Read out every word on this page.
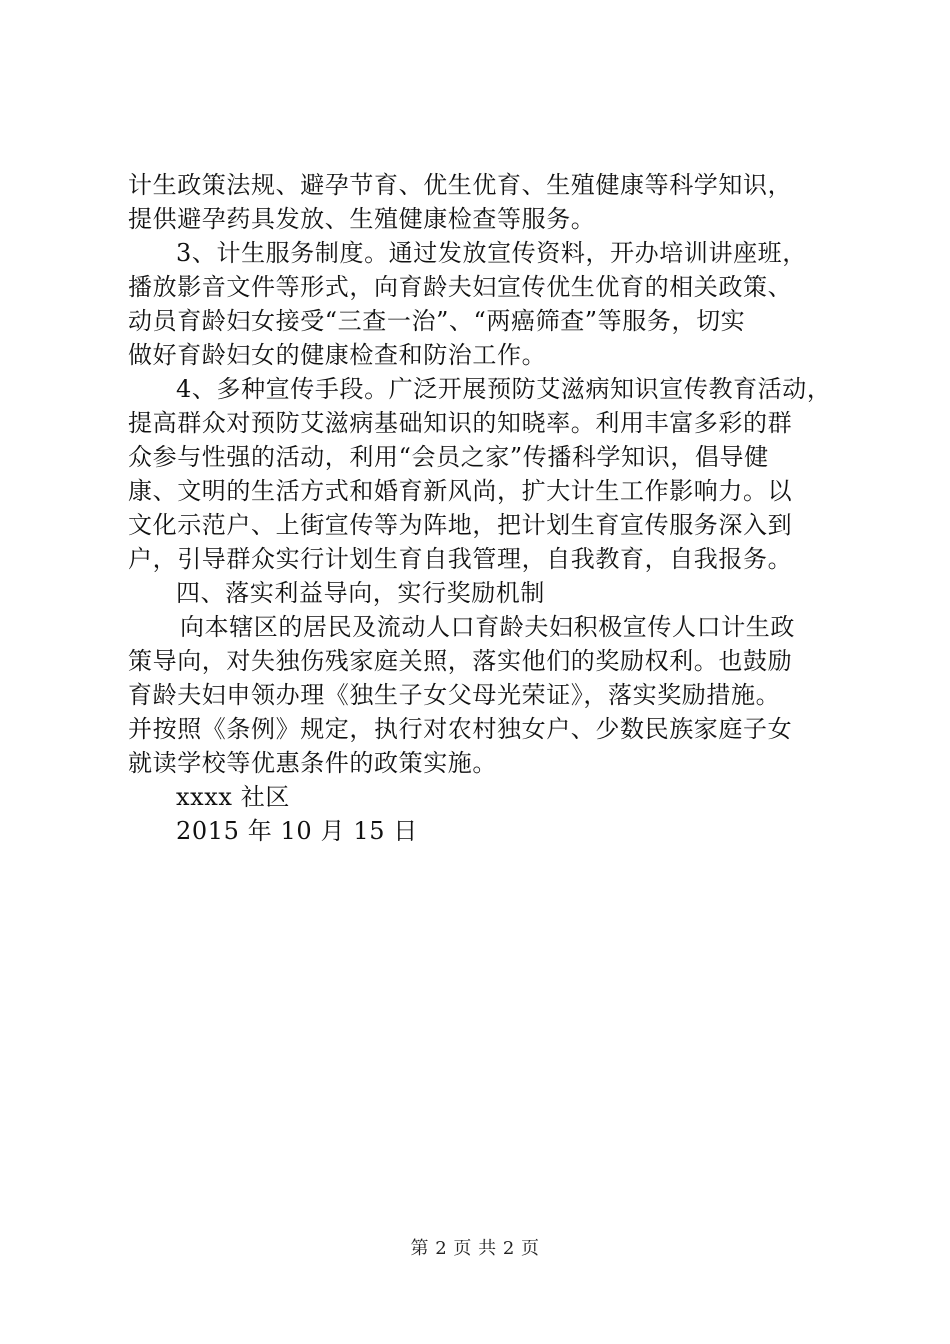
计生政策法规、避孕节育、优生优育、生殖健康等科学知识，
提供避孕药具发放、生殖健康检查等服务。
3、计生服务制度。通过发放宣传资料，开办培训讲座班，
播放影音文件等形式，向育龄夫妇宣传优生优育的相关政策、
动员育龄妇女接受“三查一治”、“两癌筛查”等服务，切实
做好育龄妇女的健康检查和防治工作。
4、多种宣传手段。广泛开展预防艾滋病知识宣传教育活动，
提高群众对预防艾滋病基础知识的知晓率。利用丰富多彩的群
众参与性强的活动，利用“会员之家”传播科学知识，倡导健
康、文明的生活方式和婚育新风尚，扩大计生工作影响力。以
文化示范户、上街宣传等为阵地，把计划生育宣传服务深入到
户，引导群众实行计划生育自我管理，自我教育，自我报务。
四、落实利益导向，实行奖励机制
向本辖区的居民及流动人口育龄夫妇积极宣传人口计生政
策导向，对失独伤残家庭关照，落实他们的奖励权利。也鼓励
育龄夫妇申领办理《独生子女父母光荣证》，落实奖励措施。
并按照《条例》规定，执行对农村独女户、少数民族家庭子女
就读学校等优惠条件的政策实施。
xxxx 社区
2015 年 10 月 15 日
第 2 页 共 2 页
